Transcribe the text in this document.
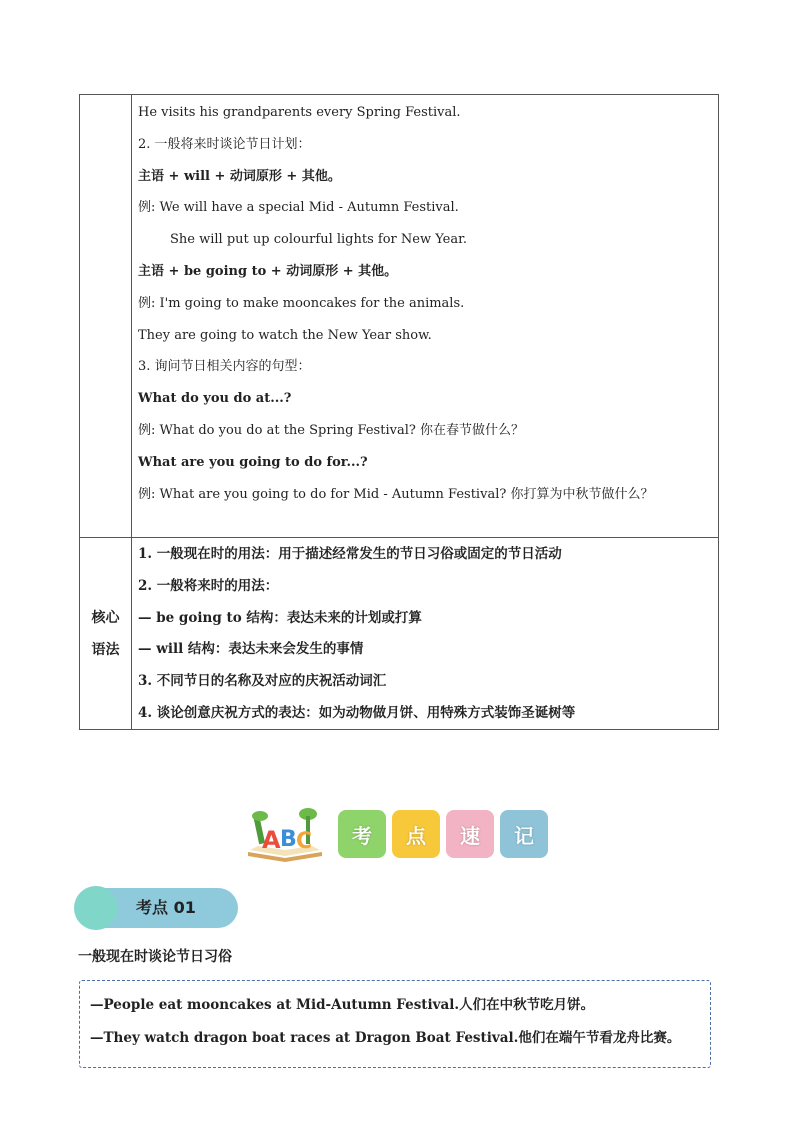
He visits his grandparents every Spring Festival.
2. 一般将来时谈论节日计划：
主语 + will + 动词原形 + 其他。
例: We will have a special Mid - Autumn Festival.
She will put up colourful lights for New Year.
主语 + be going to + 动词原形 + 其他。
例: I'm going to make mooncakes for the animals.
They are going to watch the New Year show.
3. 询问节日相关内容的句型：
What do you do at...?
例: What do you do at the Spring Festival? 你在春节做什么？
What are you going to do for...?
例: What are you going to do for Mid - Autumn Festival? 你打算为中秋节做什么？
核心
语法
1. 一般现在时的用法：用于描述经常发生的节日习俗或固定的节日活动
2. 一般将来时的用法：
— be going to 结构：表达未来的计划或打算
— will 结构：表达未来会发生的事情
3. 不同节日的名称及对应的庆祝活动词汇
4. 谈论创意庆祝方式的表达：如为动物做月饼、用特殊方式装饰圣诞树等
A B C 考 点 速 记
考点 01
一般现在时谈论节日习俗
—People eat mooncakes at Mid-Autumn Festival.人们在中秋节吃月饼。
—They watch dragon boat races at Dragon Boat Festival.他们在端午节看龙舟比赛。
